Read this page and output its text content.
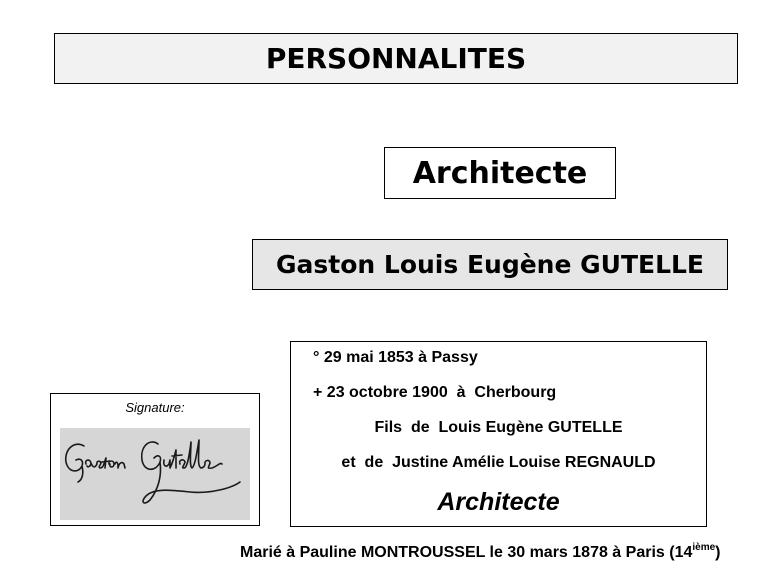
PERSONNALITES
Architecte
Gaston Louis Eugène GUTELLE
° 29 mai 1853 à Passy
+ 23 octobre 1900  à  Cherbourg
Fils  de  Louis Eugène GUTELLE
et  de  Justine Amélie Louise REGNAULD
Architecte
Signature:
Marié à Pauline MONTROUSSEL le 30 mars 1878 à Paris (14ième)
